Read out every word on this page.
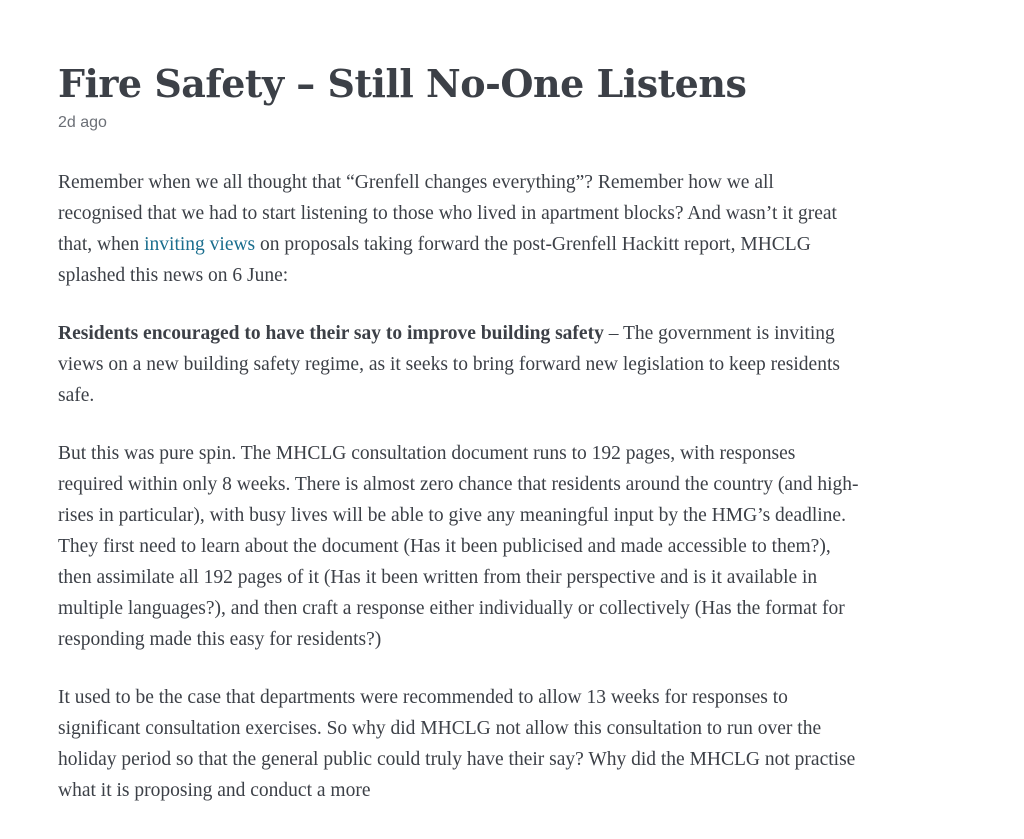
Fire Safety – Still No-One Listens
2d ago

Remember when we all thought that “Grenfell changes everything”? Remember how we all recognised that we had to start listening to those who lived in apartment blocks? And wasn’t it great that, when inviting views on proposals taking forward the post-Grenfell Hackitt report, MHCLG splashed this news on 6 June:

Residents encouraged to have their say to improve building safety – The government is inviting views on a new building safety regime, as it seeks to bring forward new legislation to keep residents safe.

But this was pure spin. The MHCLG consultation document runs to 192 pages, with responses required within only 8 weeks. There is almost zero chance that residents around the country (and high-rises in particular), with busy lives will be able to give any meaningful input by the HMG’s deadline. They first need to learn about the document (Has it been publicised and made accessible to them?), then assimilate all 192 pages of it (Has it been written from their perspective and is it available in multiple languages?), and then craft a response either individually or collectively (Has the format for responding made this easy for residents?)

It used to be the case that departments were recommended to allow 13 weeks for responses to significant consultation exercises. So why did MHCLG not allow this consultation to run over the holiday period so that the general public could truly have their say? Why did the MHCLG not practise what it is proposing and conduct a more
